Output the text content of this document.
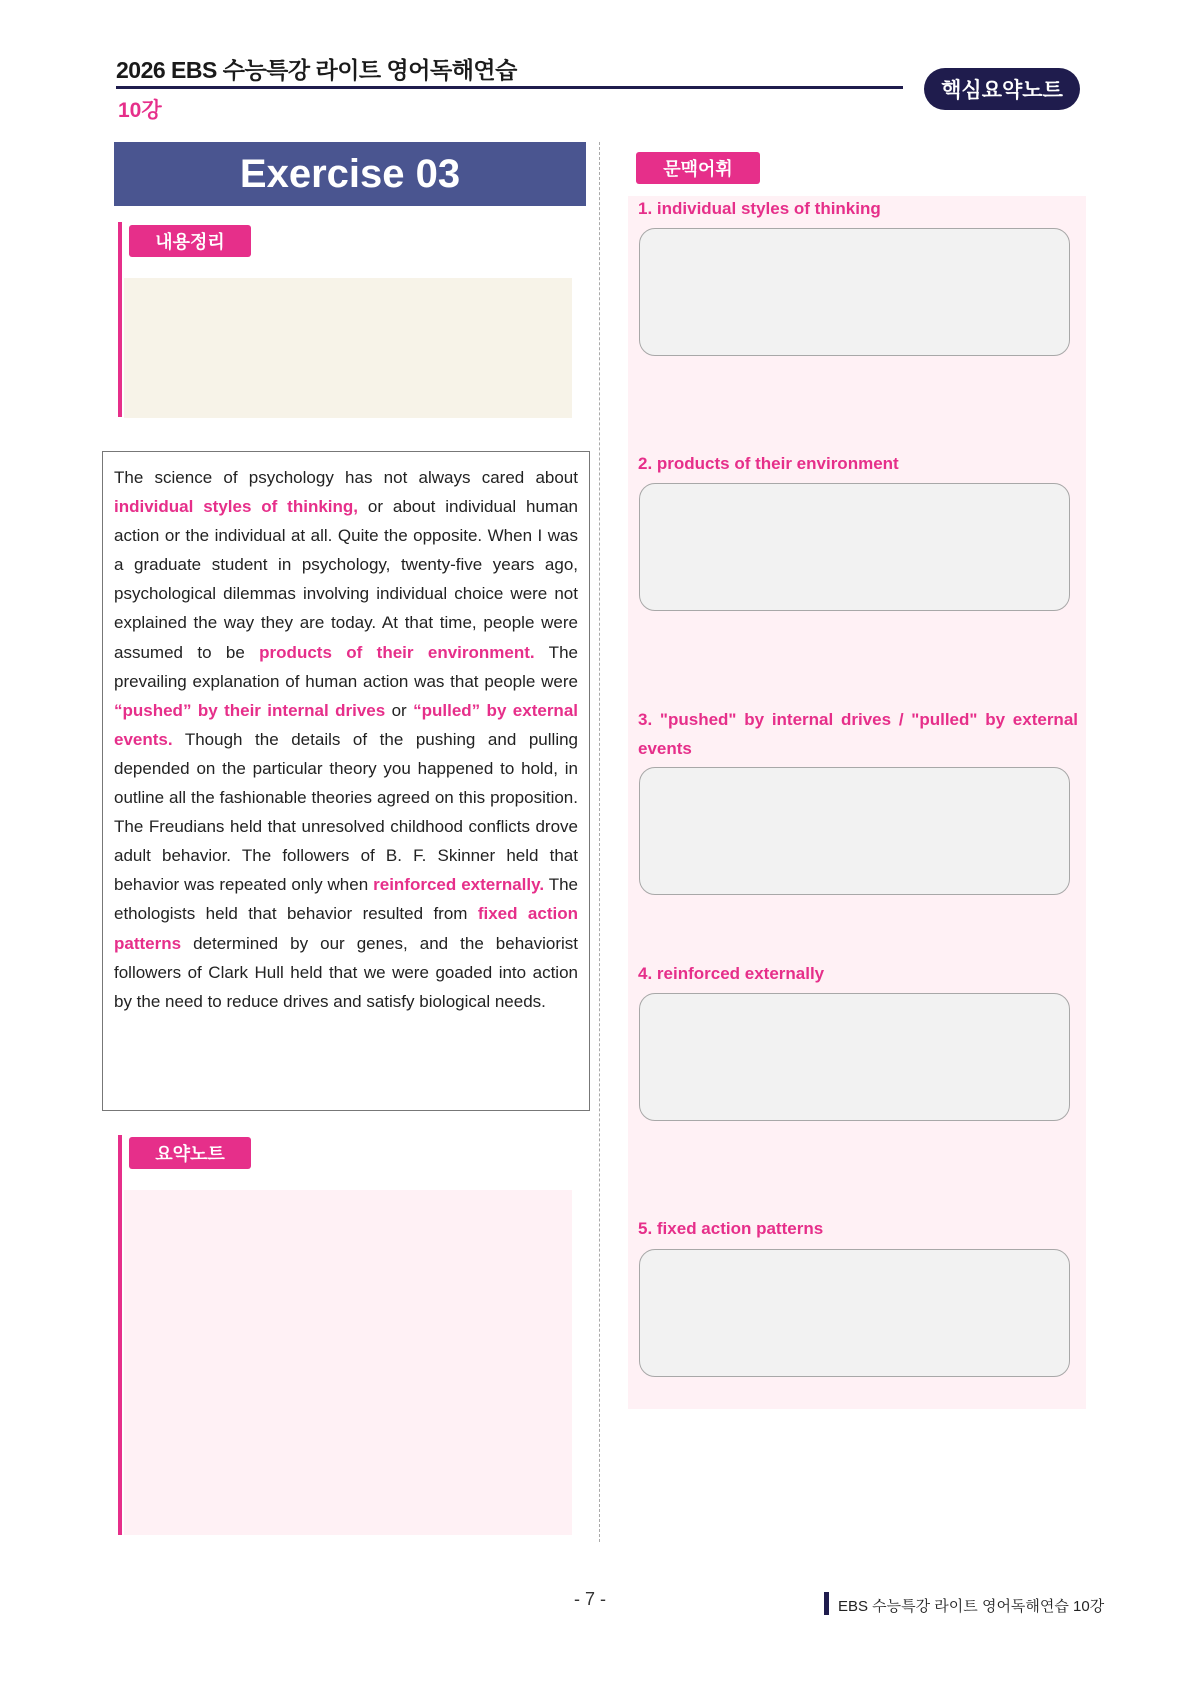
2026 EBS 수능특강 라이트 영어독해연습
10강
핵심요약노트
Exercise 03
내용정리
The science of psychology has not always cared about individual styles of thinking, or about individual human action or the individual at all. Quite the opposite. When I was a graduate student in psychology, twenty-five years ago, psychological dilemmas involving individual choice were not explained the way they are today. At that time, people were assumed to be products of their environment. The prevailing explanation of human action was that people were “pushed” by their internal drives or “pulled” by external events. Though the details of the pushing and pulling depended on the particular theory you happened to hold, in outline all the fashionable theories agreed on this proposition. The Freudians held that unresolved childhood conflicts drove adult behavior. The followers of B. F. Skinner held that behavior was repeated only when reinforced externally. The ethologists held that behavior resulted from fixed action patterns determined by our genes, and the behaviorist followers of Clark Hull held that we were goaded into action by the need to reduce drives and satisfy biological needs.
요약노트
문맥어휘
1. individual styles of thinking
2. products of their environment
3. "pushed" by internal drives / "pulled" by external events
4. reinforced externally
5. fixed action patterns
- 7 -	EBS 수능특강 라이트 영어독해연습 10강
